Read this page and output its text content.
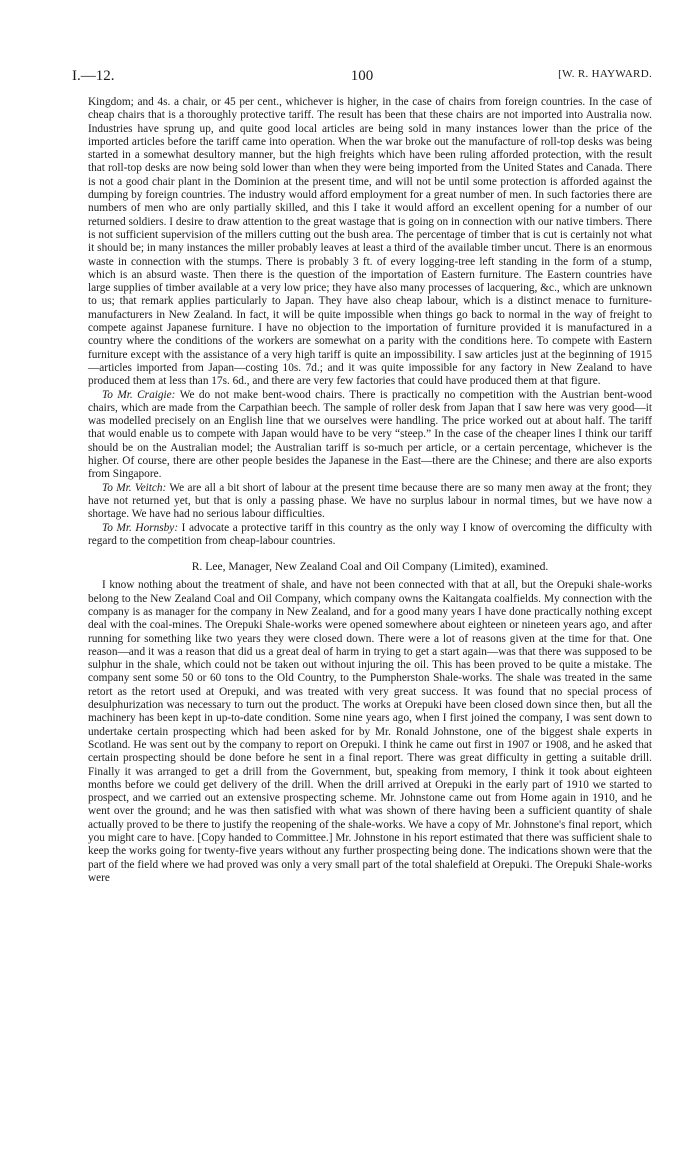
I.—12.	100	[W. R. HAYWARD.

Kingdom; and 4s. a chair, or 45 per cent., whichever is higher, in the case of chairs from foreign countries. In the case of cheap chairs that is a thoroughly protective tariff. The result has been that these chairs are not imported into Australia now. Industries have sprung up, and quite good local articles are being sold in many instances lower than the price of the imported articles before the tariff came into operation. When the war broke out the manufacture of roll-top desks was being started in a somewhat desultory manner, but the high freights which have been ruling afforded protection, with the result that roll-top desks are now being sold lower than when they were being imported from the United States and Canada. There is not a good chair plant in the Dominion at the present time, and will not be until some protection is afforded against the dumping by foreign countries. The industry would afford employment for a great number of men. In such factories there are numbers of men who are only partially skilled, and this I take it would afford an excellent opening for a number of our returned soldiers. I desire to draw attention to the great wastage that is going on in connection with our native timbers. There is not sufficient supervision of the millers cutting out the bush area. The percentage of timber that is cut is certainly not what it should be; in many instances the miller probably leaves at least a third of the available timber uncut. There is an enormous waste in connection with the stumps. There is probably 3 ft. of every logging-tree left standing in the form of a stump, which is an absurd waste. Then there is the question of the importation of Eastern furniture. The Eastern countries have large supplies of timber available at a very low price; they have also many processes of lacquering, &c., which are unknown to us; that remark applies particularly to Japan. They have also cheap labour, which is a distinct menace to furniture-manufacturers in New Zealand. In fact, it will be quite impossible when things go back to normal in the way of freight to compete against Japanese furniture. I have no objection to the importation of furniture provided it is manufactured in a country where the conditions of the workers are somewhat on a parity with the conditions here. To compete with Eastern furniture except with the assistance of a very high tariff is quite an impossibility. I saw articles just at the beginning of 1915—articles imported from Japan—costing 10s. 7d.; and it was quite impossible for any factory in New Zealand to have produced them at less than 17s. 6d., and there are very few factories that could have produced them at that figure.

To Mr. Craigie: We do not make bent-wood chairs. There is practically no competition with the Austrian bent-wood chairs, which are made from the Carpathian beech. The sample of roller desk from Japan that I saw here was very good—it was modelled precisely on an English line that we ourselves were handling. The price worked out at about half. The tariff that would enable us to compete with Japan would have to be very “steep.” In the case of the cheaper lines I think our tariff should be on the Australian model; the Australian tariff is so-much per article, or a certain percentage, whichever is the higher. Of course, there are other people besides the Japanese in the East—there are the Chinese; and there are also exports from Singapore.

To Mr. Veitch: We are all a bit short of labour at the present time because there are so many men away at the front; they have not returned yet, but that is only a passing phase. We have no surplus labour in normal times, but we have now a shortage. We have had no serious labour difficulties.

To Mr. Hornsby: I advocate a protective tariff in this country as the only way I know of overcoming the difficulty with regard to the competition from cheap-labour countries.

R. Lee, Manager, New Zealand Coal and Oil Company (Limited), examined.

I know nothing about the treatment of shale, and have not been connected with that at all, but the Orepuki shale-works belong to the New Zealand Coal and Oil Company, which company owns the Kaitangata coalfields. My connection with the company is as manager for the company in New Zealand, and for a good many years I have done practically nothing except deal with the coal-mines. The Orepuki Shale-works were opened somewhere about eighteen or nineteen years ago, and after running for something like two years they were closed down. There were a lot of reasons given at the time for that. One reason—and it was a reason that did us a great deal of harm in trying to get a start again—was that there was supposed to be sulphur in the shale, which could not be taken out without injuring the oil. This has been proved to be quite a mistake. The company sent some 50 or 60 tons to the Old Country, to the Pumpherston Shale-works. The shale was treated in the same retort as the retort used at Orepuki, and was treated with very great success. It was found that no special process of desulphurization was necessary to turn out the product. The works at Orepuki have been closed down since then, but all the machinery has been kept in up-to-date condition. Some nine years ago, when I first joined the company, I was sent down to undertake certain prospecting which had been asked for by Mr. Ronald Johnstone, one of the biggest shale experts in Scotland. He was sent out by the company to report on Orepuki. I think he came out first in 1907 or 1908, and he asked that certain prospecting should be done before he sent in a final report. There was great difficulty in getting a suitable drill. Finally it was arranged to get a drill from the Government, but, speaking from memory, I think it took about eighteen months before we could get delivery of the drill. When the drill arrived at Orepuki in the early part of 1910 we started to prospect, and we carried out an extensive prospecting scheme. Mr. Johnstone came out from Home again in 1910, and he went over the ground; and he was then satisfied with what was shown of there having been a sufficient quantity of shale actually proved to be there to justify the reopening of the shale-works. We have a copy of Mr. Johnstone's final report, which you might care to have. [Copy handed to Committee.] Mr. Johnstone in his report estimated that there was sufficient shale to keep the works going for twenty-five years without any further prospecting being done. The indications shown were that the part of the field where we had proved was only a very small part of the total shalefield at Orepuki. The Orepuki Shale-works were
